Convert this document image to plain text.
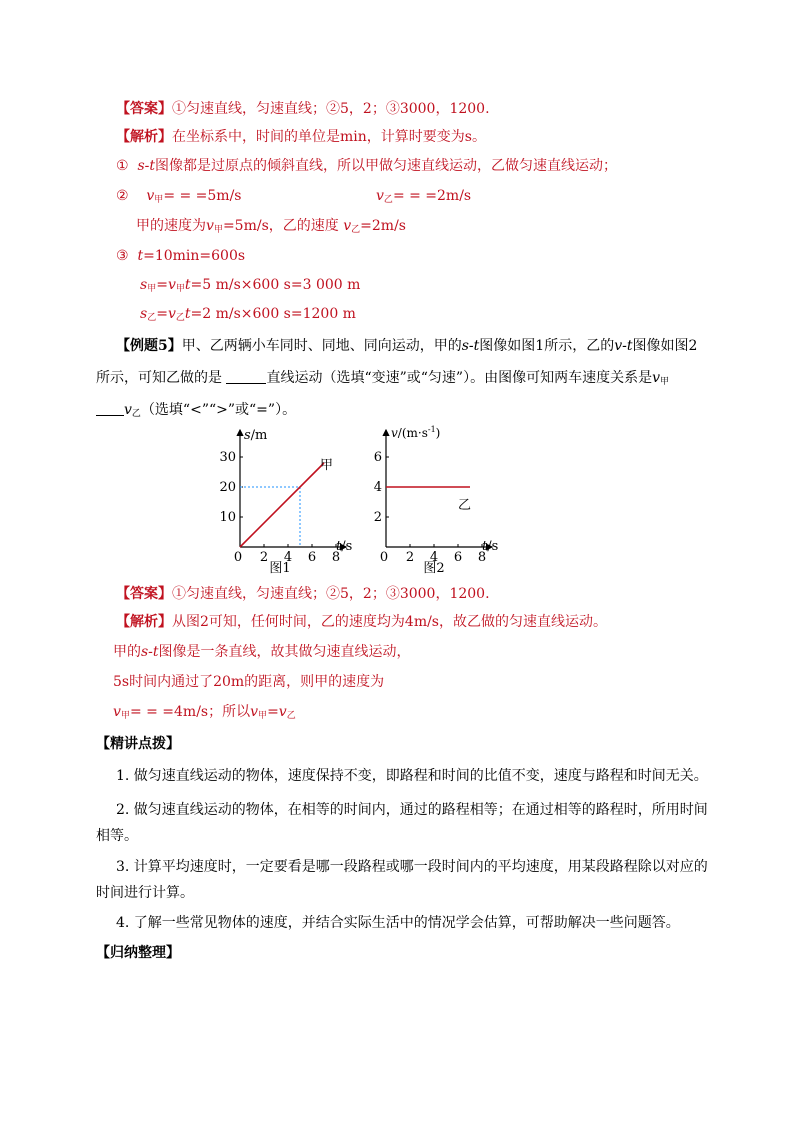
【答案】①匀速直线，匀速直线；②5，2；③3000，1200.
【解析】在坐标系中，时间的单位是min，计算时要变为s。
① s-t图像都是过原点的倾斜直线，所以甲做匀速直线运动，乙做匀速直线运动；
② $v_甲= = =5m/s$	$v_乙= = =2m/s$
甲的速度为$v_甲=5m/s$，乙的速度 $v_乙=2m/s$
③ t=10min=600s
$s_甲=v_甲t=5$ m/s×600 s=3 000 m
$s_乙=v_乙t=2$ m/s×600 s=1200 m
【例题5】甲、乙两辆小车同时、同地、同向运动，甲的s-t图像如图1所示，乙的v-t图像如图2
所示，可知乙做的是	直线运动（选填“变速”或“匀速”）。由图像可知两车速度关系是$v_甲$
$v_乙$（选填“<”“>”或“=”）。
s/m
t/s
10
20
30
0 2 4 6 8
甲
图1
$v/(m\cdot s^{-1})$
t/s
2
4
6
0 2 4 6 8
乙
图2
【答案】①匀速直线，匀速直线；②5，2；③3000，1200.
【解析】从图2可知，任何时间，乙的速度均为4m/s，故乙做的匀速直线运动。
甲的s-t图像是一条直线，故其做匀速直线运动，
5s时间内通过了20m的距离，则甲的速度为
$v_甲= = =4m/s$；所以$v_甲=v_乙$
【精讲点拨】
1. 做匀速直线运动的物体，速度保持不变，即路程和时间的比值不变，速度与路程和时间无关。
2. 做匀速直线运动的物体，在相等的时间内，通过的路程相等；在通过相等的路程时，所用时间
相等。
3. 计算平均速度时，一定要看是哪一段路程或哪一段时间内的平均速度，用某段路程除以对应的
时间进行计算。
4. 了解一些常见物体的速度，并结合实际生活中的情况学会估算，可帮助解决一些问题答。
【归纳整理】
